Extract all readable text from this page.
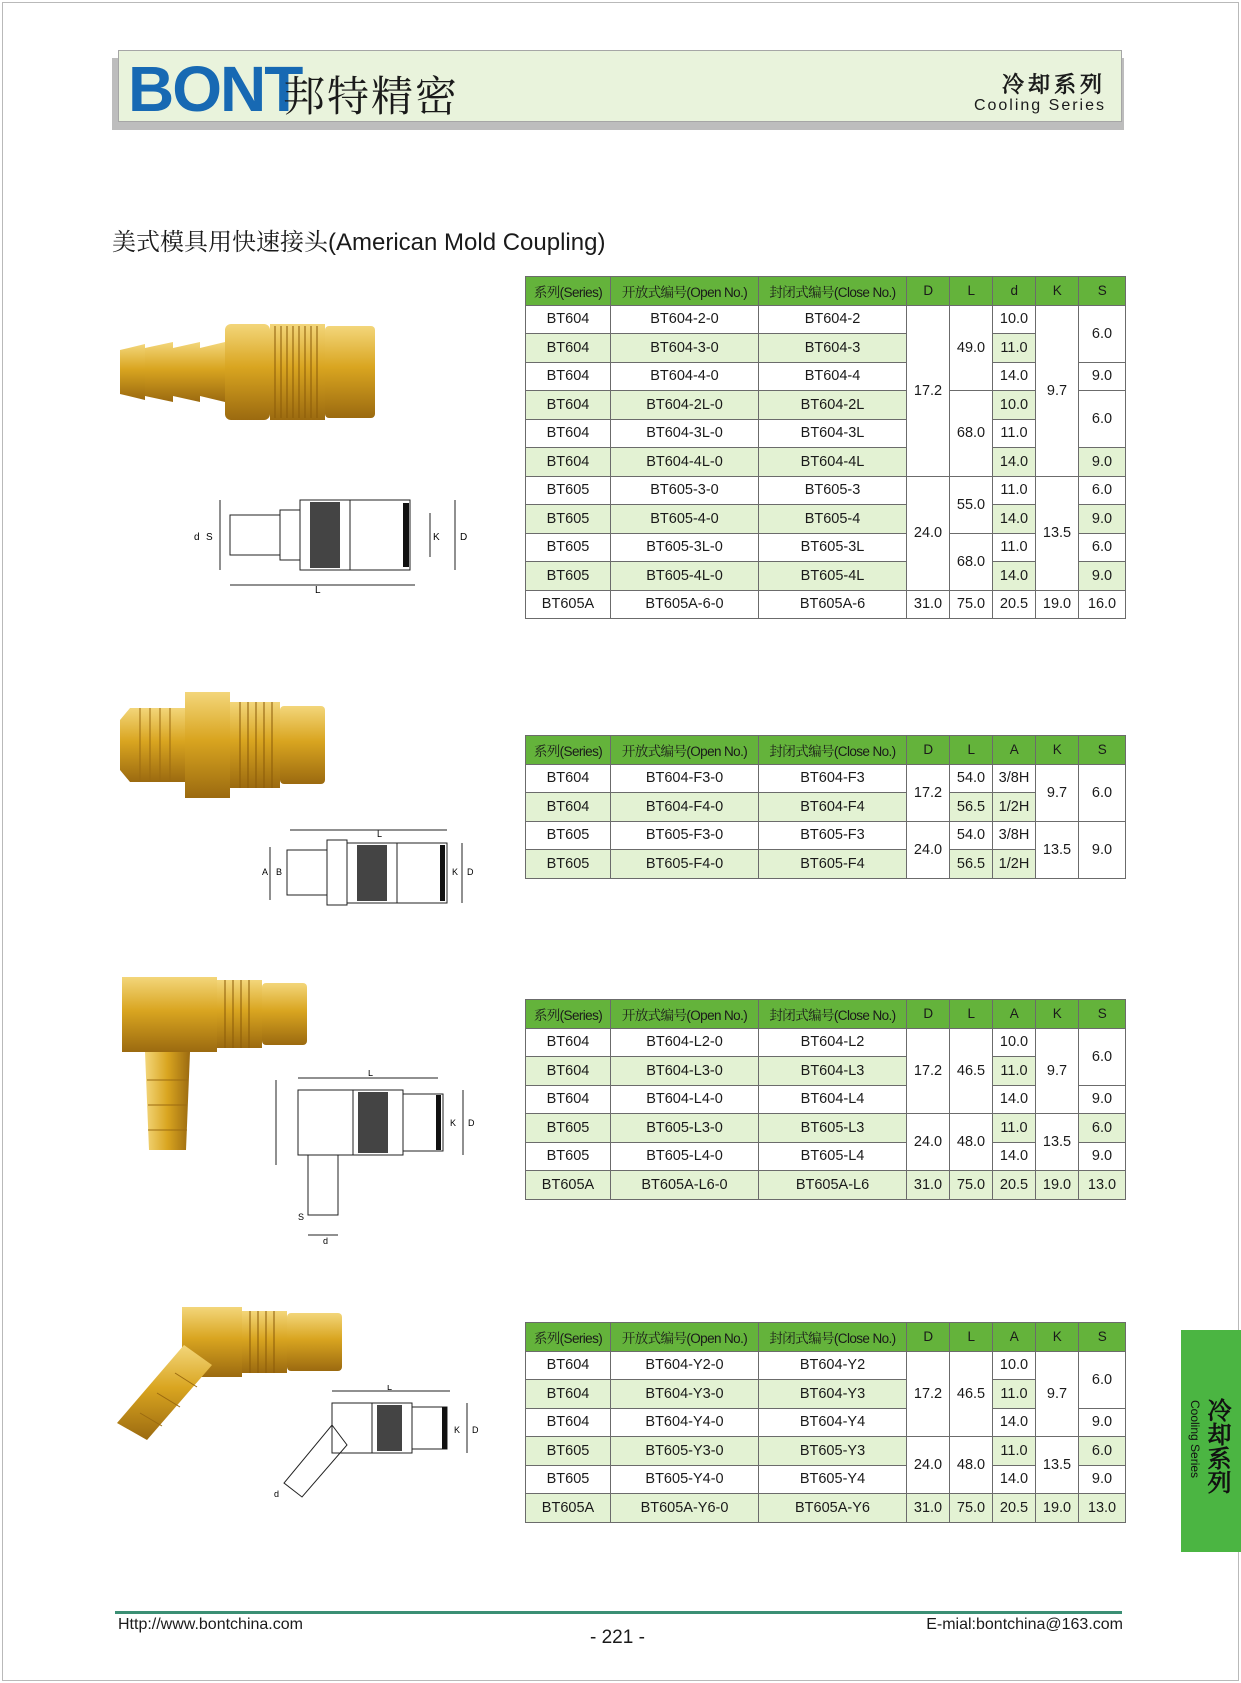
BONT
邦特精密	冷却系列
Cooling Series
美式模具用快速接头(American Mold Coupling)
d S
L
K D
L
A B	K D
L
K D
S
d
L
K D
d
系列(Series)	开放式编号(Open No.)	封闭式编号(Close No.)	D	L	d	K	S
BT604	BT604-2-0	BT604-2	17.2	49.0	10.0	9.7	6.0
BT604	BT604-3-0	BT604-3			11.0		
BT604	BT604-4-0	BT604-4			14.0		9.0
BT604	BT604-2L-0	BT604-2L		68.0	10.0		6.0
BT604	BT604-3L-0	BT604-3L			11.0		
BT604	BT604-4L-0	BT604-4L			14.0		9.0
BT605	BT605-3-0	BT605-3	24.0	55.0	11.0	13.5	6.0
BT605	BT605-4-0	BT605-4			14.0		9.0
BT605	BT605-3L-0	BT605-3L		68.0	11.0		6.0
BT605	BT605-4L-0	BT605-4L			14.0		9.0
BT605A	BT605A-6-0	BT605A-6	31.0	75.0	20.5	19.0	16.0
系列(Series)	开放式编号(Open No.)	封闭式编号(Close No.)	D	L	A	K	S
BT604	BT604-F3-0	BT604-F3	17.2	54.0	3/8H	9.7	6.0
BT604	BT604-F4-0	BT604-F4		56.5	1/2H		
BT605	BT605-F3-0	BT605-F3	24.0	54.0	3/8H	13.5	9.0
BT605	BT605-F4-0	BT605-F4		56.5	1/2H		
系列(Series)	开放式编号(Open No.)	封闭式编号(Close No.)	D	L	A	K	S
BT604	BT604-L2-0	BT604-L2	17.2	46.5	10.0	9.7	6.0
BT604	BT604-L3-0	BT604-L3			11.0		
BT604	BT604-L4-0	BT604-L4			14.0		9.0
BT605	BT605-L3-0	BT605-L3	24.0	48.0	11.0	13.5	6.0
BT605	BT605-L4-0	BT605-L4			14.0		9.0
BT605A	BT605A-L6-0	BT605A-L6	31.0	75.0	20.5	19.0	13.0
系列(Series)	开放式编号(Open No.)	封闭式编号(Close No.)	D	L	A	K	S
BT604	BT604-Y2-0	BT604-Y2	17.2	46.5	10.0	9.7	6.0
BT604	BT604-Y3-0	BT604-Y3			11.0		
BT604	BT604-Y4-0	BT604-Y4			14.0		9.0
BT605	BT605-Y3-0	BT605-Y3	24.0	48.0	11.0	13.5	6.0
BT605	BT605-Y4-0	BT605-Y4			14.0		9.0
BT605A	BT605A-Y6-0	BT605A-Y6	31.0	75.0	20.5	19.0	13.0
冷却系列
Cooling Series
Http://www.bontchina.com
- 221 -
E-mial:bontchina@163.com
